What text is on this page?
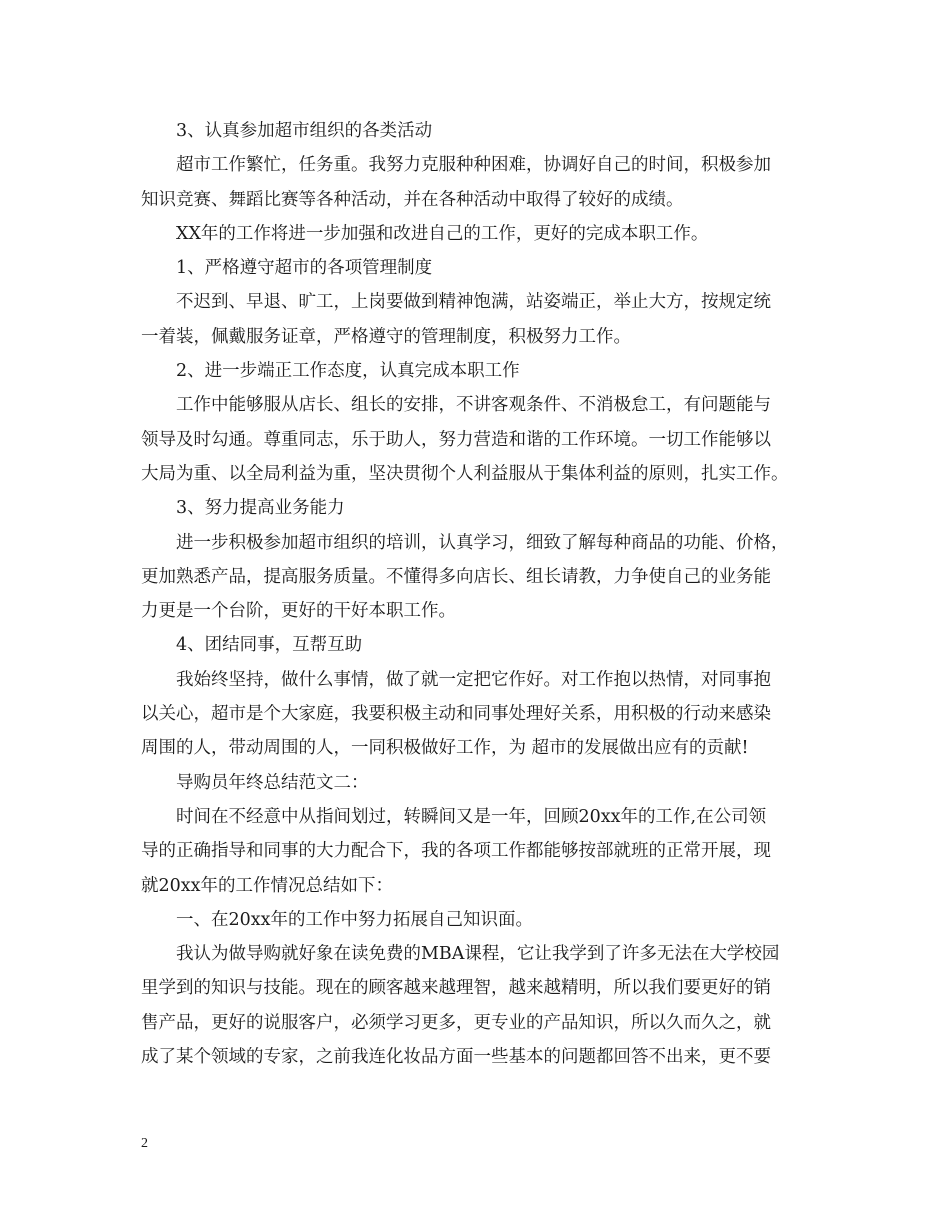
3、认真参加超市组织的各类活动
超市工作繁忙，任务重。我努力克服种种困难，协调好自己的时间，积极参加
知识竞赛、舞蹈比赛等各种活动，并在各种活动中取得了较好的成绩。
XX年的工作将进一步加强和改进自己的工作，更好的完成本职工作。
1、严格遵守超市的各项管理制度
不迟到、早退、旷工，上岗要做到精神饱满，站姿端正，举止大方，按规定统
一着装，佩戴服务证章，严格遵守的管理制度，积极努力工作。
2、进一步端正工作态度，认真完成本职工作
工作中能够服从店长、组长的安排，不讲客观条件、不消极怠工，有问题能与
领导及时勾通。尊重同志，乐于助人，努力营造和谐的工作环境。一切工作能够以
大局为重、以全局利益为重，坚决贯彻个人利益服从于集体利益的原则，扎实工作。
3、努力提高业务能力
进一步积极参加超市组织的培训，认真学习，细致了解每种商品的功能、价格，
更加熟悉产品，提高服务质量。不懂得多向店长、组长请教，力争使自己的业务能
力更是一个台阶，更好的干好本职工作。
4、团结同事，互帮互助
我始终坚持，做什么事情，做了就一定把它作好。对工作抱以热情，对同事抱
以关心，超市是个大家庭，我要积极主动和同事处理好关系，用积极的行动来感染
周围的人，带动周围的人，一同积极做好工作，为 超市的发展做出应有的贡献!
导购员年终总结范文二：
时间在不经意中从指间划过，转瞬间又是一年，回顾20xx年的工作,在公司领
导的正确指导和同事的大力配合下，我的各项工作都能够按部就班的正常开展，现
就20xx年的工作情况总结如下：
一、在20xx年的工作中努力拓展自己知识面。
我认为做导购就好象在读免费的MBA课程，它让我学到了许多无法在大学校园
里学到的知识与技能。现在的顾客越来越理智，越来越精明，所以我们要更好的销
售产品，更好的说服客户，必须学习更多，更专业的产品知识，所以久而久之，就
成了某个领域的专家，之前我连化妆品方面一些基本的问题都回答不出来，更不要
2
